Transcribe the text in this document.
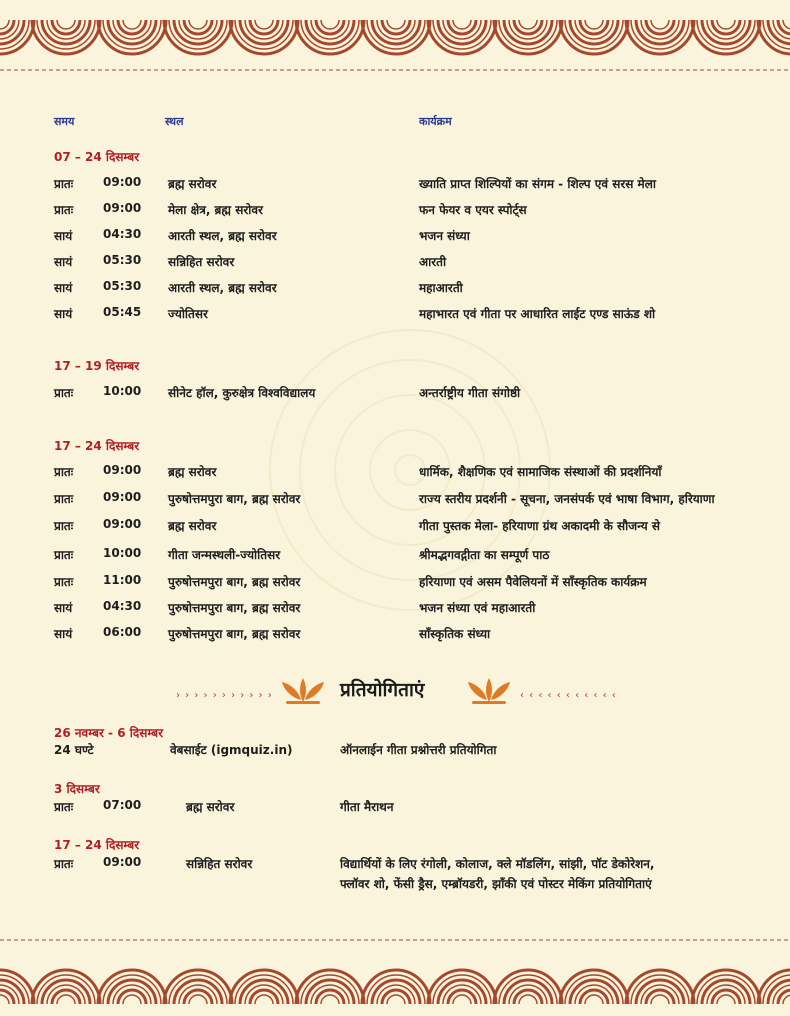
समय	स्थल	कार्यक्रम
07 – 24 दिसम्बर
प्रातः 09:00 ब्रह्म सरोवर	ख्याति प्राप्त शिल्पियों का संगम - शिल्प एवं सरस मेला
प्रातः 09:00 मेला क्षेत्र, ब्रह्म सरोवर	फन फेयर व एयर स्पोर्ट्स
सायं	04:30 आरती स्थल, ब्रह्म सरोवर	भजन संध्या
सायं	05:30 सन्निहित सरोवर	आरती
सायं	05:30 आरती स्थल, ब्रह्म सरोवर	महाआरती
सायं	05:45 ज्योतिसर	महाभारत एवं गीता पर आधारित लाईट एण्ड साऊंड शो
17 – 19 दिसम्बर
प्रातः 10:00 सीनेट हॉल, कुरुक्षेत्र विश्वविद्यालय	अन्तर्राष्ट्रीय गीता संगोष्ठी
17 – 24 दिसम्बर
प्रातः 09:00 ब्रह्म सरोवर	धार्मिक, शैक्षणिक एवं सामाजिक संस्थाओं की प्रदर्शनियाँ
प्रातः 09:00 पुरुषोत्तमपुरा बाग, ब्रह्म सरोवर	राज्य स्तरीय प्रदर्शनी - सूचना, जनसंपर्क एवं भाषा विभाग, हरियाणा
प्रातः 09:00 ब्रह्म सरोवर	गीता पुस्तक मेला- हरियाणा ग्रंथ अकादमी के सौजन्य से
प्रातः 10:00 गीता जन्मस्थली-ज्योतिसर	श्रीमद्भगवद्गीता का सम्पूर्ण पाठ
प्रातः 11:00 पुरुषोत्तमपुरा बाग, ब्रह्म सरोवर	हरियाणा एवं असम पैवेलियनों में साँस्कृतिक कार्यक्रम
सायं	04:30 पुरुषोत्तमपुरा बाग, ब्रह्म सरोवर	भजन संध्या एवं महाआरती
सायं	06:00 पुरुषोत्तमपुरा बाग, ब्रह्म सरोवर	साँस्कृतिक संध्या
› › › › › › › › › › ›	प्रतियोगिताएं	‹ ‹ ‹ ‹ ‹ ‹ ‹ ‹ ‹ ‹ ‹
26 नवम्बर - 6 दिसम्बर
24 घण्टे	वेबसाईट (igmquiz.in)	ऑनलाईन गीता प्रश्नोत्तरी प्रतियोगिता
3 दिसम्बर
प्रातः 07:00	ब्रह्म सरोवर	गीता मैराथन
17 – 24 दिसम्बर
प्रातः 09:00	सन्निहित सरोवर	विद्यार्थियों के लिए रंगोली, कोलाज, क्ले मॉडलिंग, सांझी, पॉट डेकोरेशन,
फ्लॉवर शो, फेंसी ड्रैस, एम्ब्रॉयडरी, झाँकी एवं पोस्टर मेकिंग प्रतियोगिताएं
